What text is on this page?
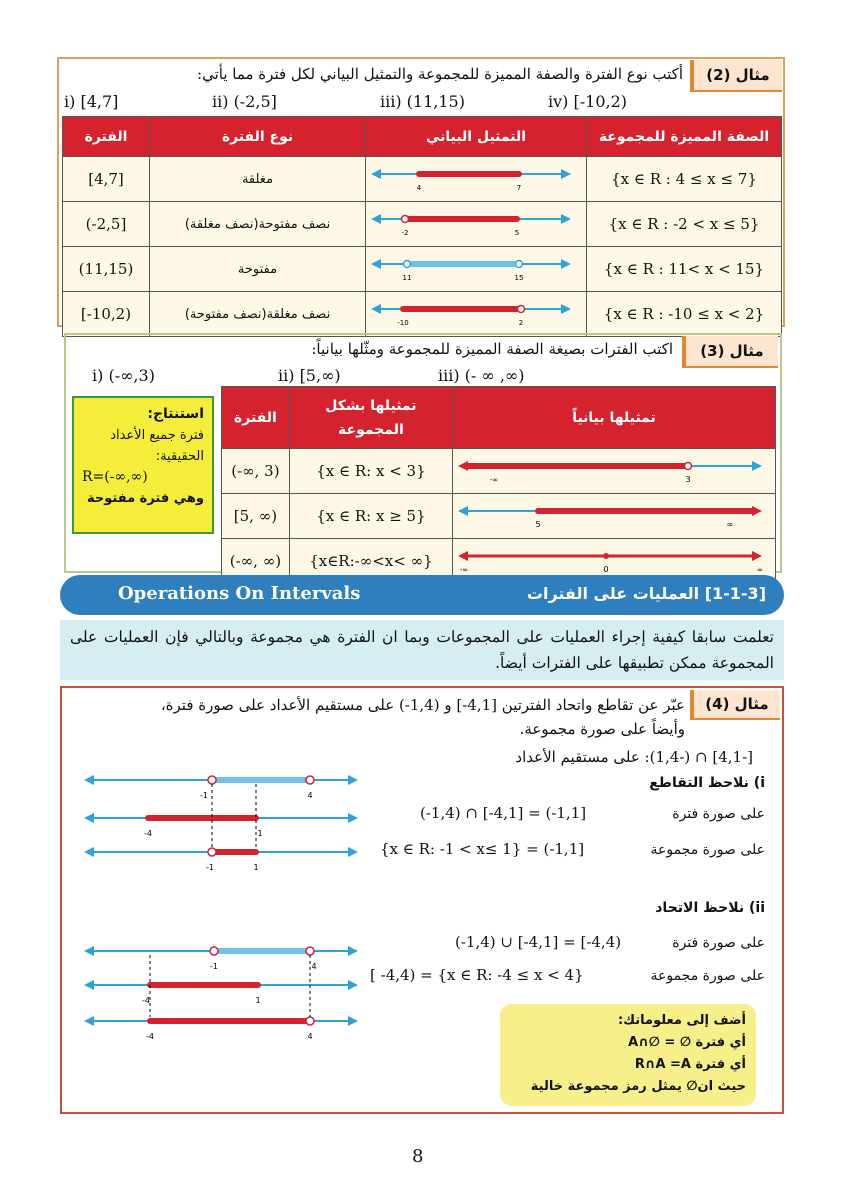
مثال (2)
أكتب نوع الفترة والصفة المميزة للمجموعة والتمثيل البياني لكل فترة مما يأتي:
i) [4,7]	ii) (-2,5]	iii) (11,15)	iv) [-10,2)
الفترة	نوع الفترة	التمثيل البياني	الصفة المميزة للمجموعة
[4,7]	مغلقة	4 7	{x ∈ R : 4 ≤ x ≤ 7}
(-2,5]	نصف مفتوحة(نصف مغلقة)	-2 5	{x ∈ R : -2 < x ≤ 5}
(11,15)	مفتوحة	11 15	{x ∈ R : 11< x < 15}
[-10,2)	نصف مغلقة(نصف مفتوحة)	-10 2	{x ∈ R : -10 ≤ x < 2}
مثال (3)
اكتب الفترات بصيغة الصفة المميزة للمجموعة ومثّلها بيانياً:
i) (-∞,3)	ii) [5,∞)	iii) (- ∞ ,∞)
استنتاج:
فترة جميع الأعداد
الحقيقية:
R=(-∞,∞)
وهي فترة مفتوحة
الفترة	تمثيلها بشكل المجموعة	تمثيلها بيانياً
(-∞, 3)	{x ∈ R: x < 3}	-∞ 3

[5, ∞)	{x ∈ R: x ≥ 5}	5 ∞

(-∞, ∞)	{x∈R:-∞<x< ∞}	-∞ 0 ∞
Operations On Intervals	[1-1-3] العمليات على الفترات
تعلمت سابقا كيفية إجراء العمليات على المجموعات وبما ان الفترة هي مجموعة وبالتالي فإن العمليات على المجموعة ممكن تطبيقها على الفترات أيضاً.
مثال (4)
عبّر عن تقاطع واتحاد الفترتين [4,1-] و (1,4-) على مستقيم الأعداد على صورة فترة،
وأيضاً على صورة مجموعة.
[-4,1] ∩ (-1,4): على مستقيم الأعداد
i) نلاحظ التقاطع
على صورة فترة
(-1,4) ∩ [-4,1] = (-1,1]
على صورة مجموعة
{x ∈ R: -1 < x≤ 1} = (-1,1]
-1	4
-4	1
-1	1
ii) نلاحظ الاتحاد
على صورة فترة
(-1,4) ∪ [-4,1] = [-4,4)
على صورة مجموعة
[ -4,4) = {x ∈ R: -4 ≤ x < 4}
-1	4
-4	1
-4	4
أضف إلى معلوماتك:
أي فترة ∅ = ∅∩A
أي فترة R∩A =A
حيث ان∅ يمثل رمز مجموعة خالية
8
